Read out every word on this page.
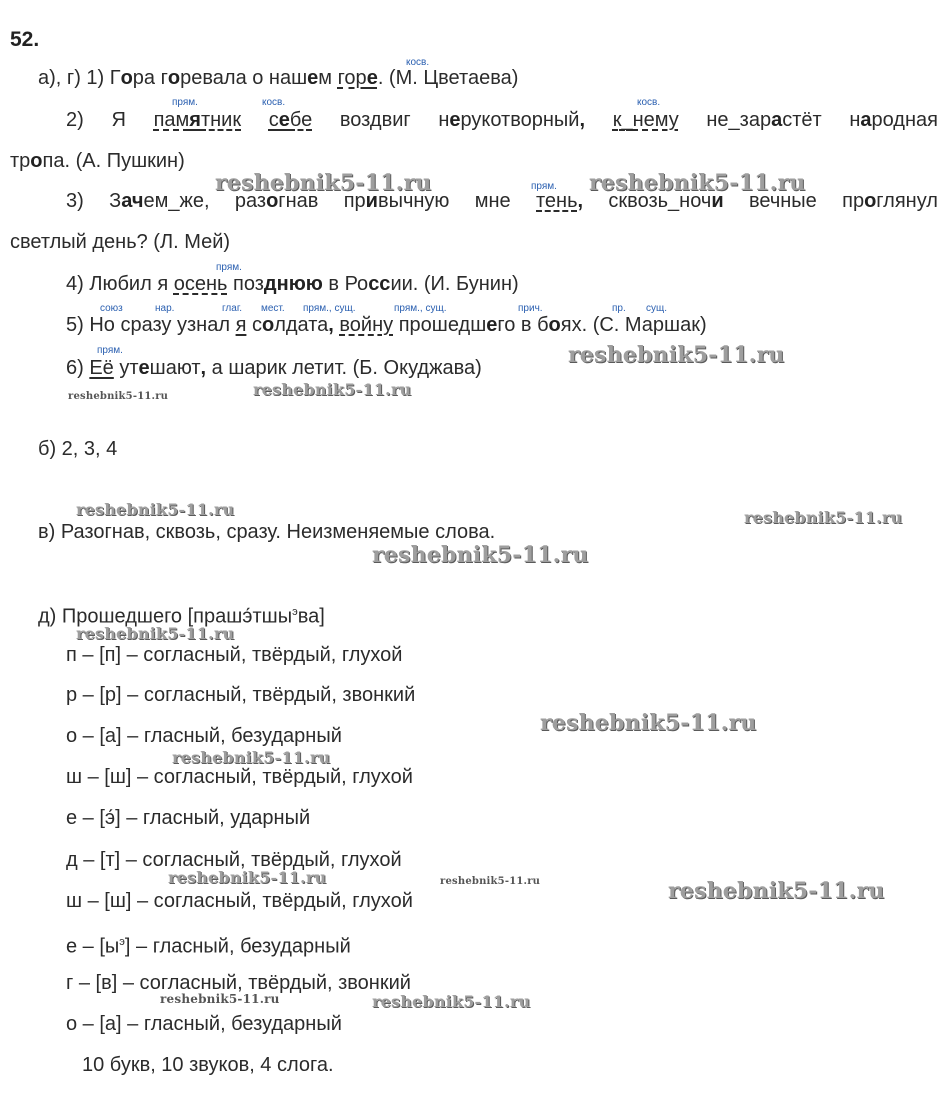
52.
косв.
а), г) 1) Гора горевала о нашем горе. (М. Цветаева)
прям.	косв.	косв.
2) Я памятник себе воздвиг нерукотворный, к_нему не_зарастёт народная
тропа. (А. Пушкин)
прям.
3) Зачем_же, разогнав привычную мне тень, сквозь_ночи вечные проглянул
светлый день? (Л. Мей)
прям.
4) Любил я осень позднюю в России. (И. Бунин)
союз	нар.	глаг. мест. прям., сущ.	прям., сущ.	прич.	пр. сущ.
5) Но сразу узнал я солдата, войну прошедшего в боях. (С. Маршак)
прям.
6) Её утешают, а шарик летит. (Б. Окуджава)
б) 2, 3, 4
в) Разогнав, сквозь, сразу. Неизменяемые слова.
д) Прошедшего [прашэ́тшы$^э$ва]
п – [п] – согласный, твёрдый, глухой
р – [р] – согласный, твёрдый, звонкий
о – [а] – гласный, безударный
ш – [ш] – согласный, твёрдый, глухой
е – [э́] – гласный, ударный
д – [т] – согласный, твёрдый, глухой
ш – [ш] – согласный, твёрдый, глухой
е – $[ы^э]$ – гласный, безударный
г – [в] – согласный, твёрдый, звонкий
о – [а] – гласный, безударный
10 букв, 10 звуков, 4 слога.
reshebnik5-11.ru	reshebnik5-11.ru
reshebnik5-11.ru
reshebnik5-11.ru	reshebnik5-11.ru
reshebnik5-11.ru	reshebnik5-11.ru
reshebnik5-11.ru
reshebnik5-11.ru
reshebnik5-11.ru
reshebnik5-11.ru
reshebnik5-11.ru	reshebnik5-11.ru	reshebnik5-11.ru
reshebnik5-11.ru	reshebnik5-11.ru
